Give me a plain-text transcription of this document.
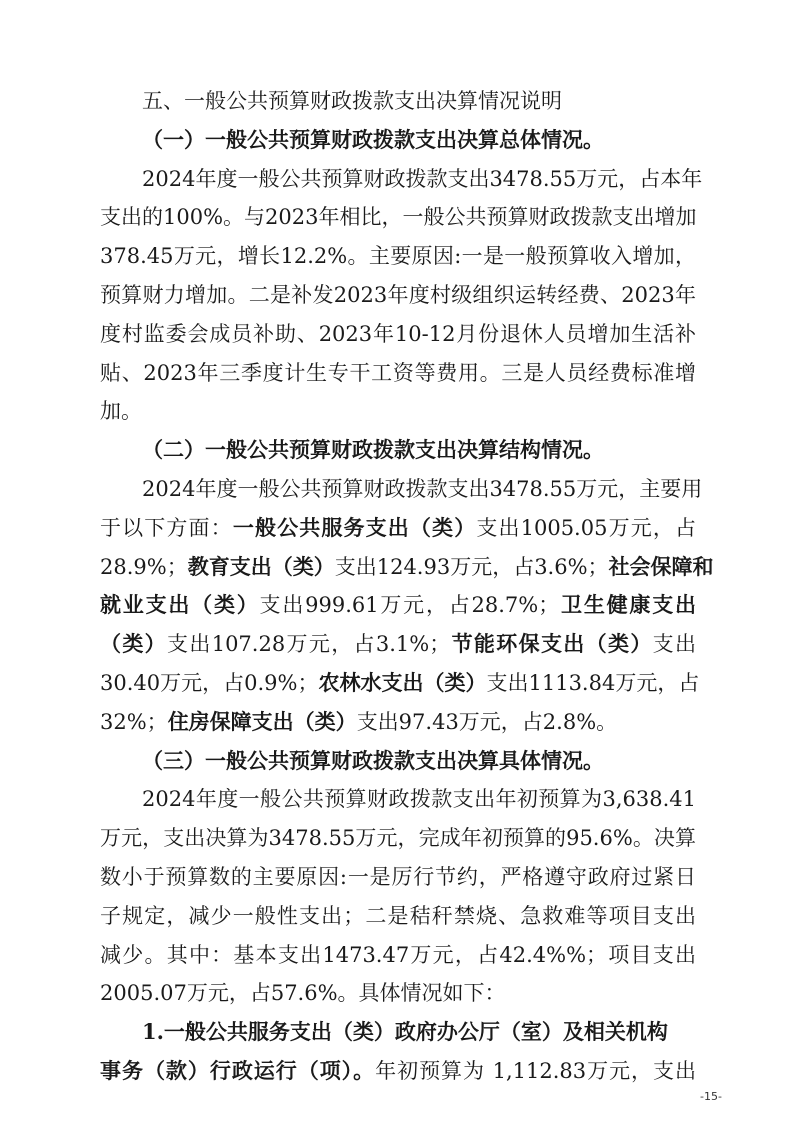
五、一般公共预算财政拨款支出决算情况说明
（一）一般公共预算财政拨款支出决算总体情况。
2024年度一般公共预算财政拨款支出3478.55万元，占本年
支出的100%。与2023年相比，一般公共预算财政拨款支出增加
378.45万元，增长12.2%。主要原因:一是一般预算收入增加，
预算财力增加。二是补发2023年度村级组织运转经费、2023年
度村监委会成员补助、2023年10-12月份退休人员增加生活补
贴、2023年三季度计生专干工资等费用。三是人员经费标准增
加。
（二）一般公共预算财政拨款支出决算结构情况。
2024年度一般公共预算财政拨款支出3478.55万元，主要用
于以下方面：一般公共服务支出（类）支出1005.05万元，占
28.9%；教育支出（类）支出124.93万元，占3.6%；社会保障和
就业支出（类）支出999.61万元，占28.7%；卫生健康支出
（类）支出107.28万元，占3.1%；节能环保支出（类）支出
30.40万元，占0.9%；农林水支出（类）支出1113.84万元，占
32%；住房保障支出（类）支出97.43万元，占2.8%。
（三）一般公共预算财政拨款支出决算具体情况。
2024年度一般公共预算财政拨款支出年初预算为3,638.41
万元，支出决算为3478.55万元，完成年初预算的95.6%。决算
数小于预算数的主要原因:一是厉行节约，严格遵守政府过紧日
子规定，减少一般性支出；二是秸秆禁烧、急救难等项目支出
减少。其中：基本支出1473.47万元，占42.4%%；项目支出
2005.07万元，占57.6%。具体情况如下：
1.一般公共服务支出（类）政府办公厅（室）及相关机构
事务（款）行政运行（项）。年初预算为 1,112.83万元，支出
-15-
